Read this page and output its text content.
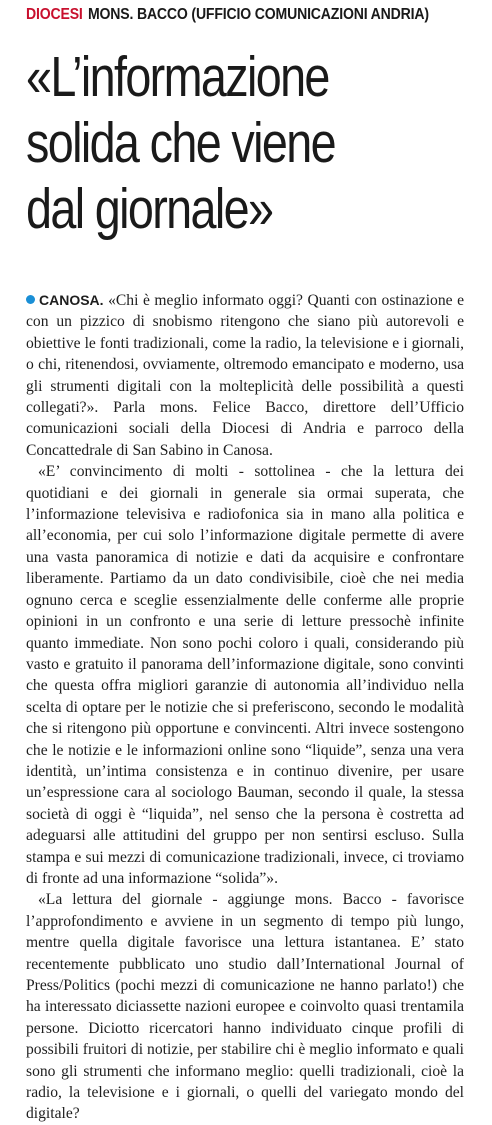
DIOCESI MONS. BACCO (UFFICIO COMUNICAZIONI ANDRIA)
«L’informazione
solida che viene
dal giornale»

CANOSA. «Chi è meglio informato oggi? Quanti con ostinazione e con un pizzico di snobismo ritengono che siano più autorevoli e obiettive le fonti tradizionali, come la radio, la televisione e i giornali, o chi, ritenendosi, ovviamente, oltremodo emancipato e moderno, usa gli strumenti digitali con la molteplicità delle possibilità a questi collegati?». Parla mons. Felice Bacco, direttore dell’Ufficio comunicazioni sociali della Diocesi di Andria e parroco della Concattedrale di San Sabino in Canosa.

«E’ convincimento di molti - sottolinea - che la lettura dei quotidiani e dei giornali in generale sia ormai superata, che l’informazione televisiva e radiofonica sia in mano alla politica e all’economia, per cui solo l’informazione digitale permette di avere una vasta panoramica di notizie e dati da acquisire e confrontare liberamente. Partiamo da un dato condivisibile, cioè che nei media ognuno cerca e sceglie essenzialmente delle conferme alle proprie opinioni in un confronto e una serie di letture pressochè infinite quanto immediate. Non sono pochi coloro i quali, considerando più vasto e gratuito il panorama dell’informazione digitale, sono convinti che questa offra migliori garanzie di autonomia all’individuo nella scelta di optare per le notizie che si preferiscono, secondo le modalità che si ritengono più opportune e convincenti. Altri invece sostengono che le notizie e le informazioni online sono “liquide”, senza una vera identità, un’intima consistenza e in continuo divenire, per usare un’espressione cara al sociologo Bauman, secondo il quale, la stessa società di oggi è “liquida”, nel senso che la persona è costretta ad adeguarsi alle attitudini del gruppo per non sentirsi escluso. Sulla stampa e sui mezzi di comunicazione tradizionali, invece, ci troviamo di fronte ad una informazione “solida”».

«La lettura del giornale - aggiunge mons. Bacco - favorisce l’approfondimento e avviene in un segmento di tempo più lungo, mentre quella digitale favorisce una lettura istantanea. E’ stato recentemente pubblicato uno studio dall’International Journal of Press/Politics (pochi mezzi di comunicazione ne hanno parlato!) che ha interessato diciassette nazioni europee e coinvolto quasi trentamila persone. Diciotto ricercatori hanno individuato cinque profili di possibili fruitori di notizie, per stabilire chi è meglio informato e quali sono gli strumenti che informano meglio: quelli tradizionali, cioè la radio, la televisione e i giornali, o quelli del variegato mondo del digitale?
